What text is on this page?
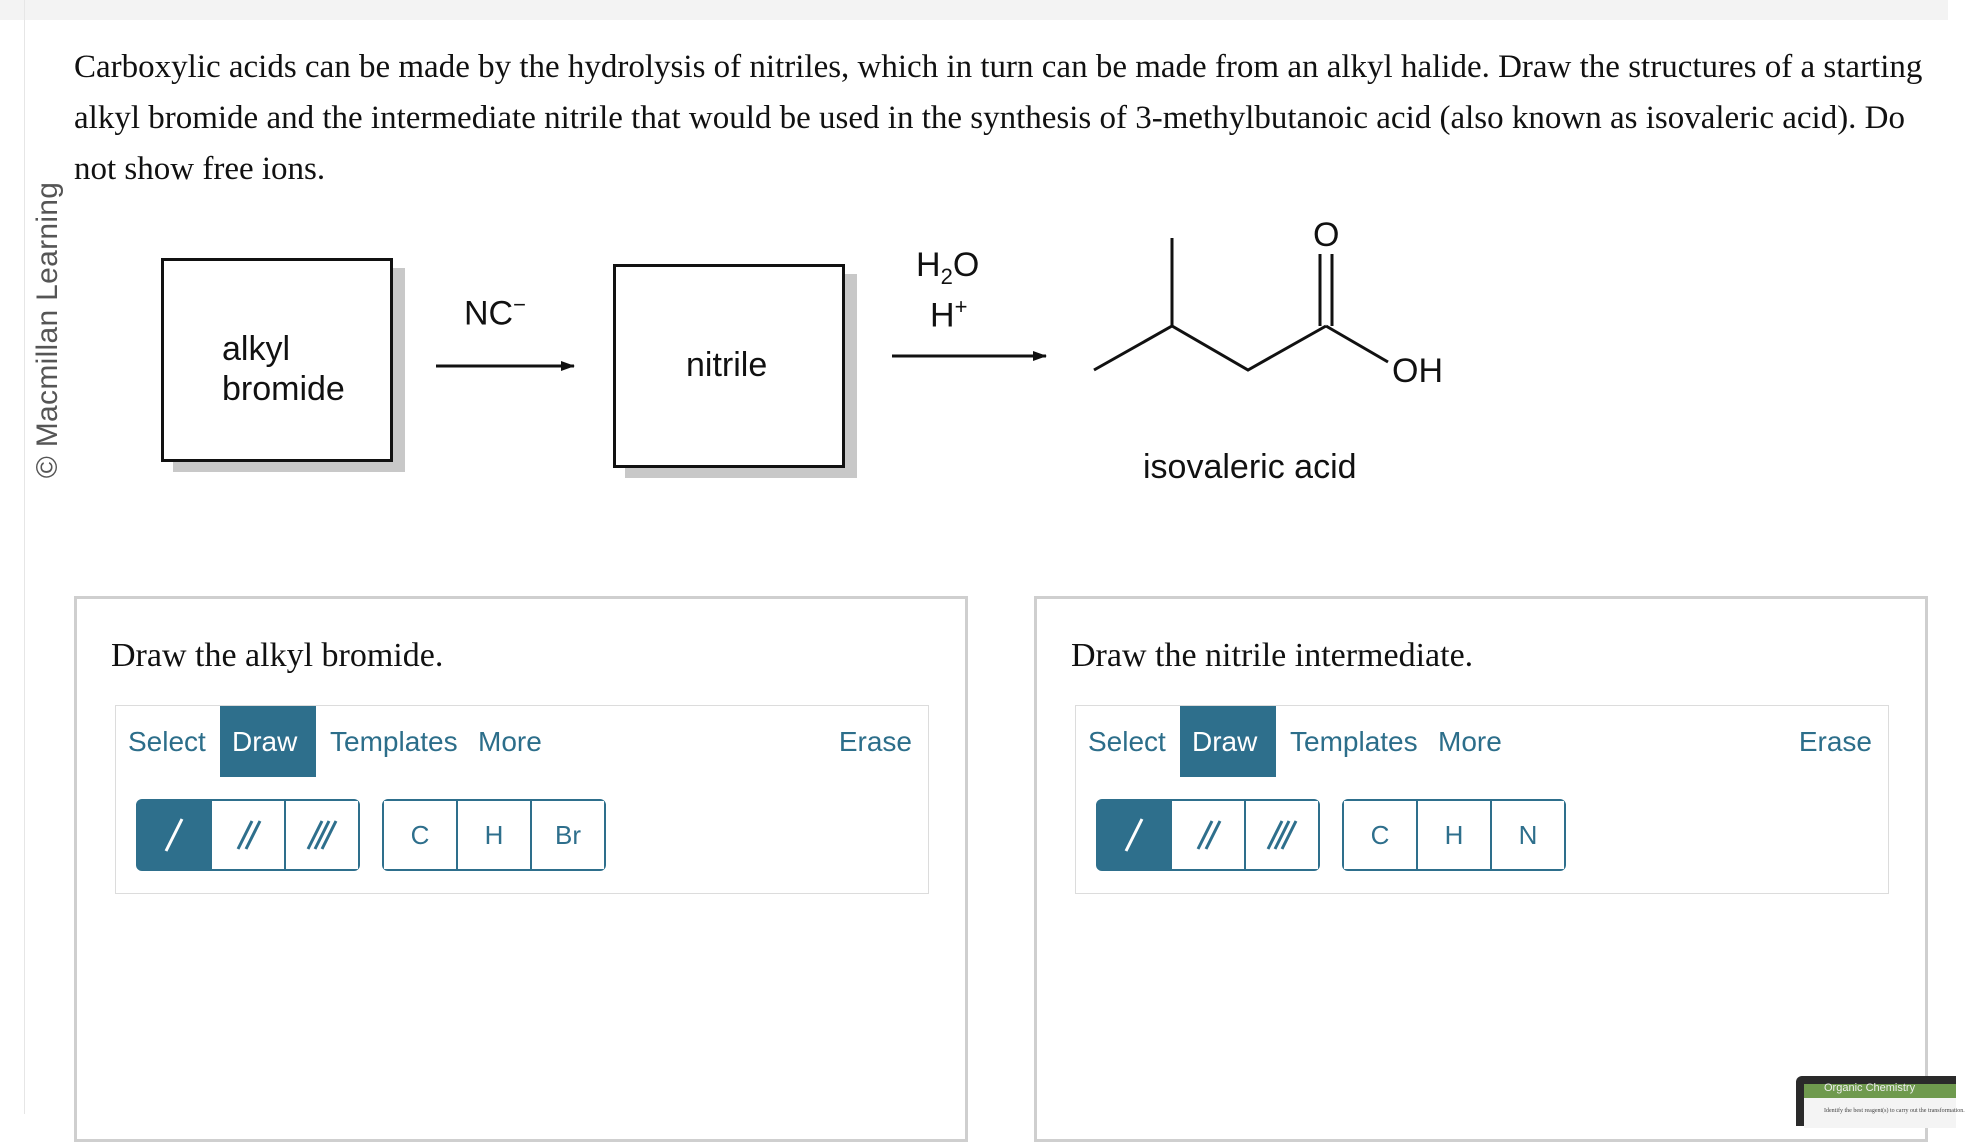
© Macmillan Learning
Carboxylic acids can be made by the hydrolysis of nitriles, which in turn can be made from an alkyl halide. Draw the structures of a starting alkyl bromide and the intermediate nitrile that would be used in the synthesis of 3-methylbutanoic acid (also known as isovaleric acid). Do not show free ions.
alkyl
bromide
NC−
nitrile
$H_2O$
H+
O
OH
isovaleric acid
Draw the alkyl bromide.
Select Draw	Templates More	Erase
C	H	Br
Draw the nitrile intermediate.
Select Draw	Templates More	Erase
C	H	N
Organic Chemistry
Identify the best reagent(s) to carry out the transformation.
